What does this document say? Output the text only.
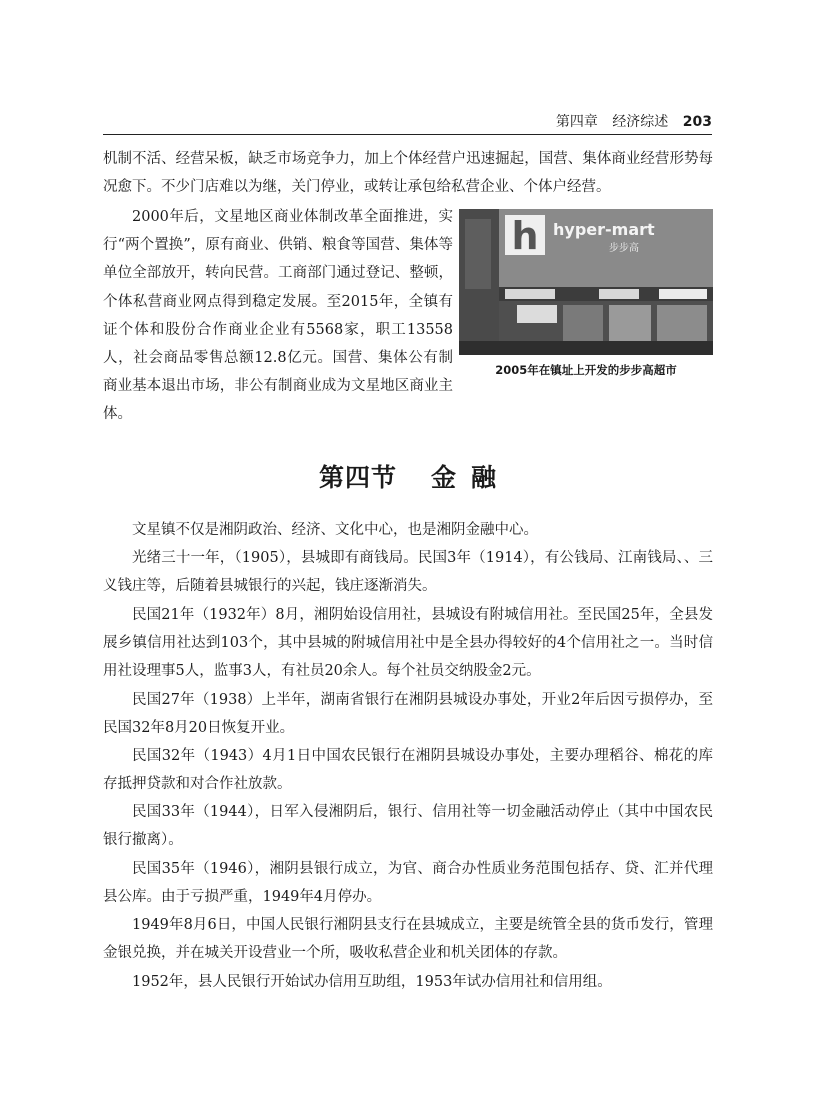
第四章 经济综述 203
机制不活、经营呆板，缺乏市场竞争力，加上个体经营户迅速掘起，国营、集体商业经营形势每况愈下。不少门店难以为继，关门停业，或转让承包给私营企业、个体户经营。
2000年后，文星地区商业体制改革全面推进，实行“两个置换”，原有商业、供销、粮食等国营、集体等单位全部放开，转向民营。工商部门通过登记、整顿，个体私营商业网点得到稳定发展。至2015年，全镇有证个体和股份合作商业企业有5568家，职工13558人，社会商品零售总额12.8亿元。国营、集体公有制商业基本退出市场，非公有制商业成为文星地区商业主体。
h hyper-mart
步步高
2005年在镇址上开发的步步高超市
第四节 金 融
文星镇不仅是湘阴政治、经济、文化中心，也是湘阴金融中心。
光绪三十一年，（1905），县城即有商钱局。民国3年（1914），有公钱局、江南钱局、、三义钱庄等，后随着县城银行的兴起，钱庄逐渐消失。
民国21年（1932年）8月，湘阴始设信用社，县城设有附城信用社。至民国25年，全县发展乡镇信用社达到103个，其中县城的附城信用社中是全县办得较好的4个信用社之一。当时信用社设理事5人，监事3人，有社员20余人。每个社员交纳股金2元。
民国27年（1938）上半年，湖南省银行在湘阴县城设办事处，开业2年后因亏损停办，至民国32年8月20日恢复开业。
民国32年（1943）4月1日中国农民银行在湘阴县城设办事处，主要办理稻谷、棉花的库存抵押贷款和对合作社放款。
民国33年（1944），日军入侵湘阴后，银行、信用社等一切金融活动停止（其中中国农民银行撤离）。
民国35年（1946），湘阴县银行成立，为官、商合办性质业务范围包括存、贷、汇并代理县公库。由于亏损严重，1949年4月停办。
1949年8月6日，中国人民银行湘阴县支行在县城成立，主要是统管全县的货币发行，管理金银兑换，并在城关开设营业一个所，吸收私营企业和机关团体的存款。
1952年，县人民银行开始试办信用互助组，1953年试办信用社和信用组。
